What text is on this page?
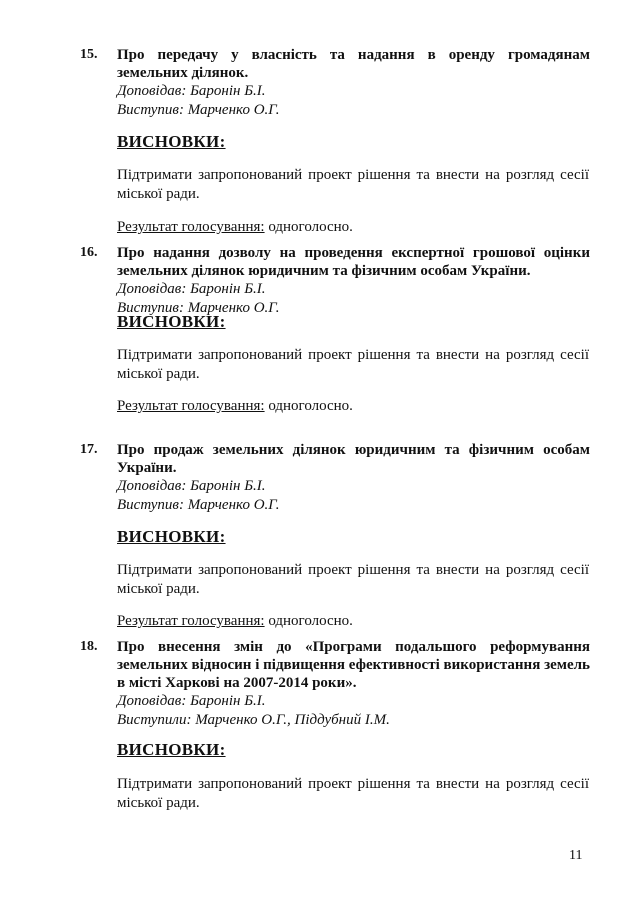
15. Про передачу у власність та надання в оренду громадянам земельних ділянок.
Доповідав: Баронін Б.І.
Виступив: Марченко О.Г.
ВИСНОВКИ:
Підтримати запропонований проект рішення та внести на розгляд сесії міської ради.
Результат голосування: одноголосно.
16. Про надання дозволу на проведення експертної грошової оцінки земельних ділянок юридичним та фізичним особам України.
Доповідав: Баронін Б.І.
Виступив: Марченко О.Г.
ВИСНОВКИ:
Підтримати запропонований проект рішення та внести на розгляд сесії міської ради.
Результат голосування: одноголосно.
17. Про продаж земельних ділянок юридичним та фізичним особам України.
Доповідав: Баронін Б.І.
Виступив: Марченко О.Г.
ВИСНОВКИ:
Підтримати запропонований проект рішення та внести на розгляд сесії міської ради.
Результат голосування: одноголосно.
18. Про внесення змін до «Програми подальшого реформування земельних відносин і підвищення ефективності використання земель в місті Харкові на 2007-2014 роки».
Доповідав: Баронін Б.І.
Виступили: Марченко О.Г., Піддубний І.М.
ВИСНОВКИ:
Підтримати запропонований проект рішення та внести на розгляд сесії міської ради.
11
